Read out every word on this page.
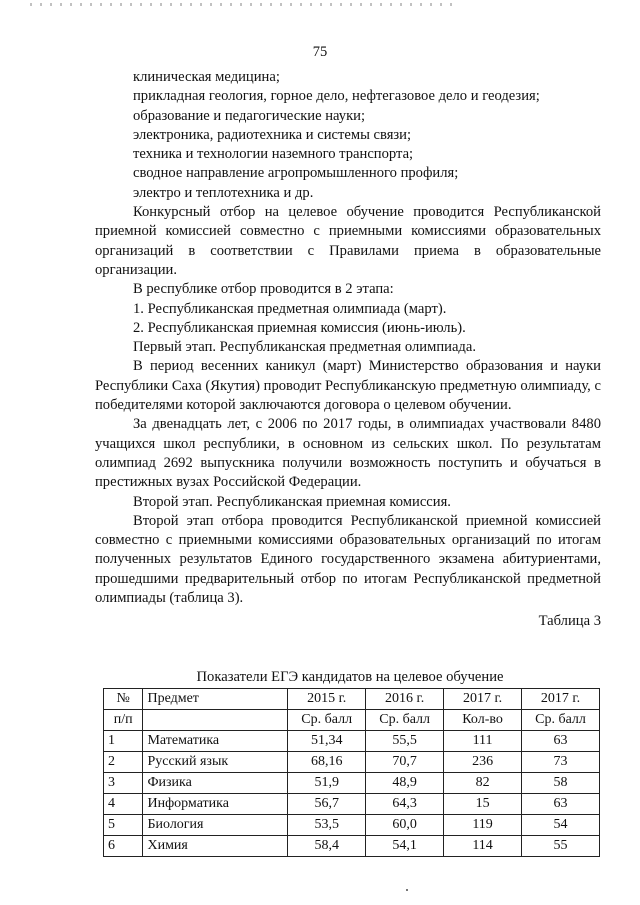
75
клиническая медицина;
прикладная геология, горное дело, нефтегазовое дело и геодезия;
образование и педагогические науки;
электроника, радиотехника и системы связи;
техника и технологии наземного транспорта;
сводное направление агропромышленного профиля;
электро и теплотехника и др.
Конкурсный отбор на целевое обучение проводится Республиканской приемной комиссией совместно с приемными комиссиями образовательных организаций в соответствии с Правилами приема в образовательные организации.
В республике отбор проводится в 2 этапа:
1. Республиканская предметная олимпиада (март).
2. Республиканская приемная комиссия (июнь-июль).
Первый этап. Республиканская предметная олимпиада.
В период весенних каникул (март) Министерство образования и науки Республики Саха (Якутия) проводит Республиканскую предметную олимпиаду, с победителями которой заключаются договора о целевом обучении.
За двенадцать лет, с 2006 по 2017 годы, в олимпиадах участвовали 8480 учащихся школ республики, в основном из сельских школ. По результатам олимпиад 2692 выпускника получили возможность поступить и обучаться в престижных вузах Российской Федерации.
Второй этап. Республиканская приемная комиссия.
Второй этап отбора проводится Республиканской приемной комиссией совместно с приемными комиссиями образовательных организаций по итогам полученных результатов Единого государственного экзамена абитуриентами, прошедшими предварительный отбор по итогам Республиканской предметной олимпиады (таблица 3).
Таблица 3
Показатели ЕГЭ кандидатов на целевое обучение
№	Предмет	2015 г.	2016 г.	2017 г.	2017 г.
п/п		Ср. балл	Ср. балл	Кол-во	Ср. балл
1	Математика	51,34	55,5	111	63
2	Русский язык	68,16	70,7	236	73
3	Физика	51,9	48,9	82	58
4	Информатика	56,7	64,3	15	63
5	Биология	53,5	60,0	119	54
6	Химия	58,4	54,1	114	55
